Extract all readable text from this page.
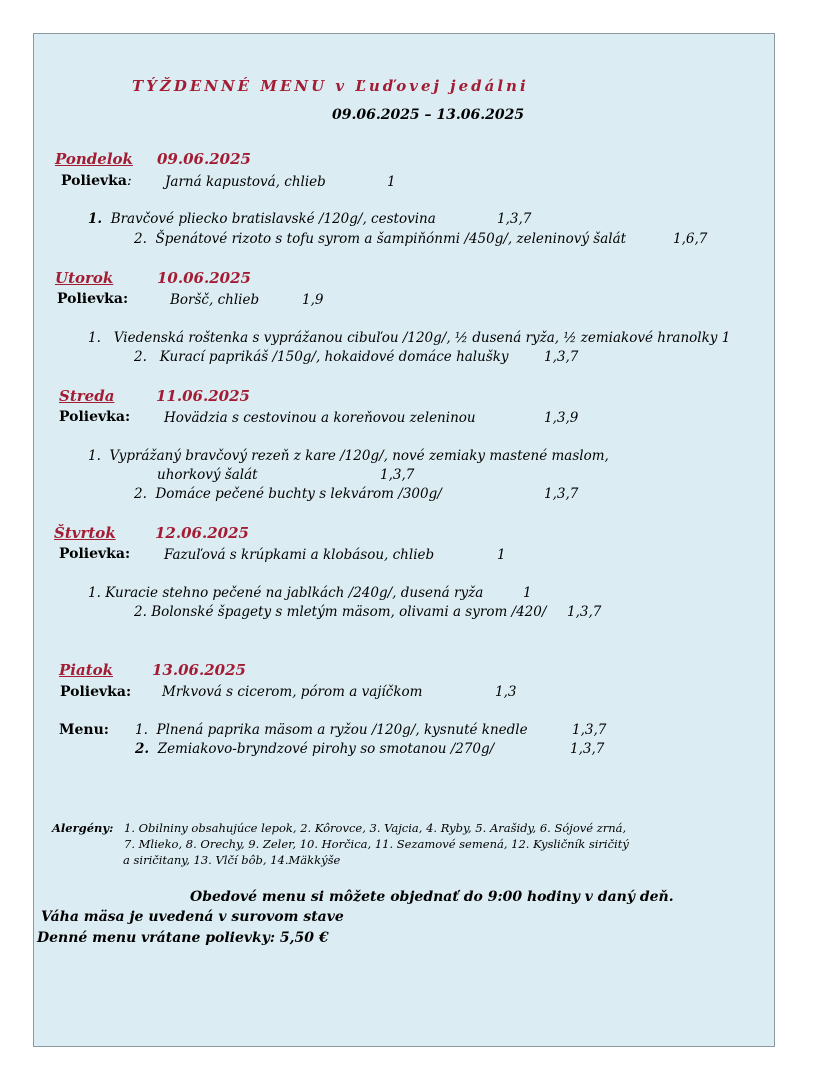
TÝŽDENNÉ MENU v Ľuďovej jedálni
09.06.2025 – 13.06.2025
Pondelok 09.06.2025
Polievka: Jarná kapustová, chlieb	1
1. Bravčové pliecko bratislavské /120g/, cestovina	1,3,7
2. Špenátové rizoto s tofu syrom a šampiňónmi /450g/, zeleninový šalát	1,6,7
Utorok	10.06.2025
Polievka:	Boršč, chlieb	1,9
1. Viedenská roštenka s vyprážanou cibuľou /120g/, ½ dusená ryža, ½ zemiakové hranolky 1
2. Kurací paprikáš /150g/, hokaidové domáce halušky	1,3,7
Streda	11.06.2025
Polievka:	Hovädzia s cestovinou a koreňovou zeleninou	1,3,9
1. Vyprážaný bravčový rezeň z kare /120g/, nové zemiaky mastené maslom,
uhorkový šalát	1,3,7
2. Domáce pečené buchty s lekvárom /300g/	1,3,7
Štvrtok	12.06.2025
Polievka:	Fazuľová s krúpkami a klobásou, chlieb	1
1. Kuracie stehno pečené na jablkách /240g/, dusená ryža	1
2. Bolonské špagety s mletým mäsom, olivami a syrom /420/ 1,3,7
Piatok	13.06.2025
Polievka: Mrkvová s cicerom, pórom a vajíčkom	1,3
Menu: 1. Plnená paprika mäsom a ryžou /120g/, kysnuté knedle	1,3,7
2. Zemiakovo-bryndzové pirohy so smotanou /270g/	1,3,7
Alergény: 1. Obilniny obsahujúce lepok, 2. Kôrovce, 3. Vajcia, 4. Ryby, 5. Arašidy, 6. Sójové zrná,
7. Mlieko, 8. Orechy, 9. Zeler, 10. Horčica, 11. Sezamové semená, 12. Kysličník siričitý
a siričitany, 13. Vlčí bôb, 14.Mäkkýše
Obedové menu si môžete objednať do 9:00 hodiny v daný deň.
Váha mäsa je uvedená v surovom stave
Denné menu vrátane polievky: 5,50 €
